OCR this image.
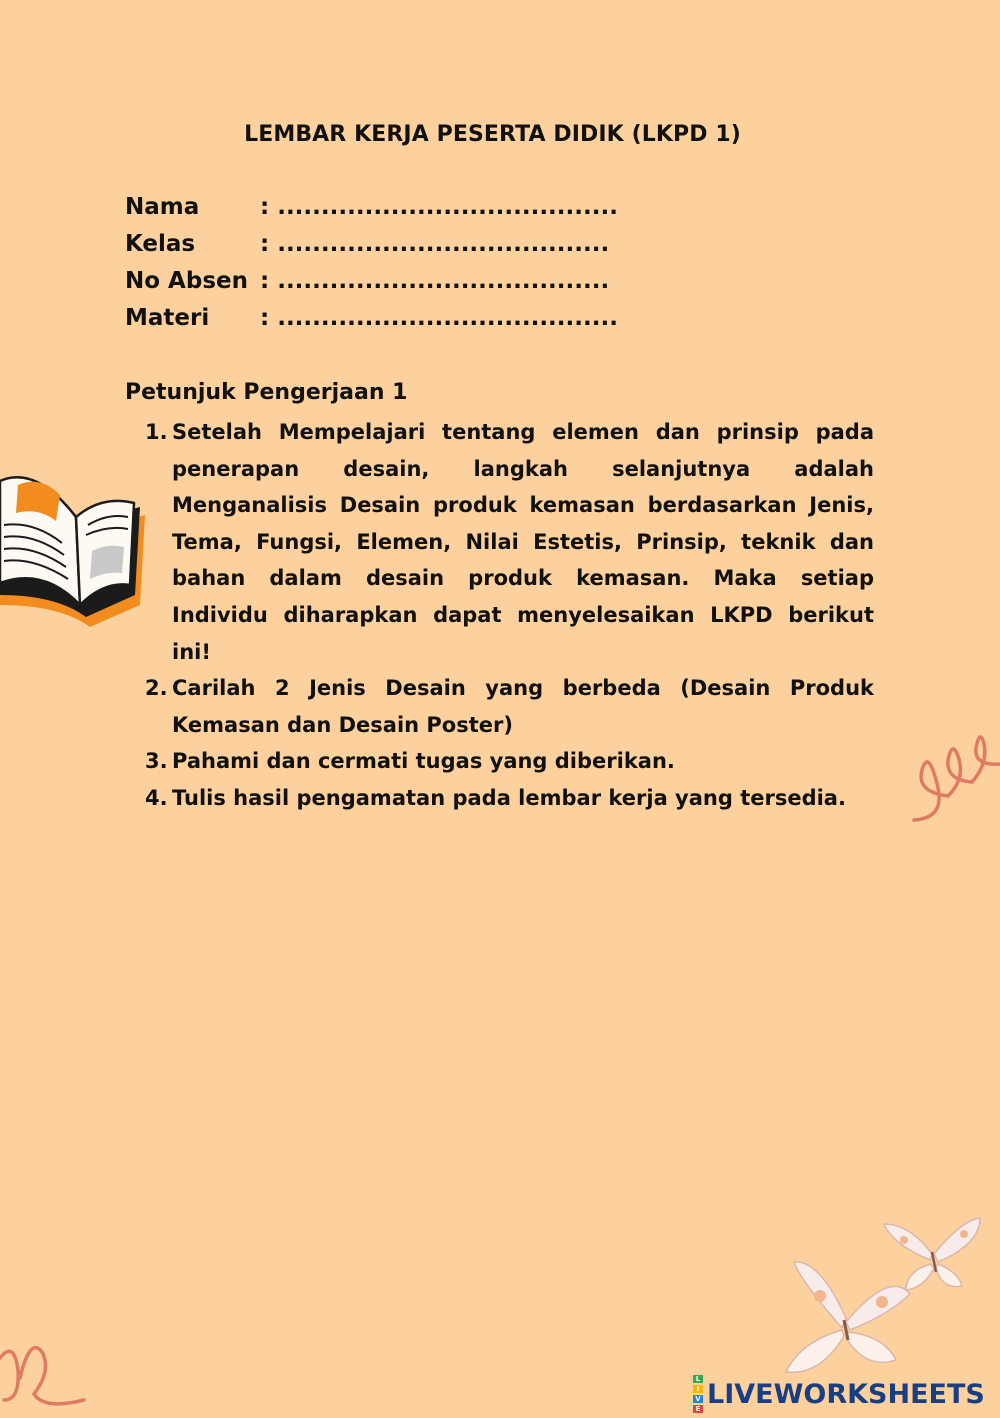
LEMBAR KERJA PESERTA DIDIK (LKPD 1)
Nama	: .......................................
Kelas	: ......................................
No Absen : ......................................
Materi	: .......................................
Petunjuk Pengerjaan 1
1. Setelah Mempelajari tentang elemen dan prinsip pada penerapan desain, langkah selanjutnya adalah Menganalisis Desain produk kemasan berdasarkan Jenis, Tema, Fungsi, Elemen, Nilai Estetis, Prinsip, teknik dan bahan dalam desain produk kemasan. Maka setiap Individu diharapkan dapat menyelesaikan LKPD berikut ini!
2. Carilah 2 Jenis Desain yang berbeda (Desain Produk Kemasan dan Desain Poster)
3. Pahami dan cermati tugas yang diberikan.
4. Tulis hasil pengamatan pada lembar kerja yang tersedia.
L
I
V
E LIVEWORKSHEETS
